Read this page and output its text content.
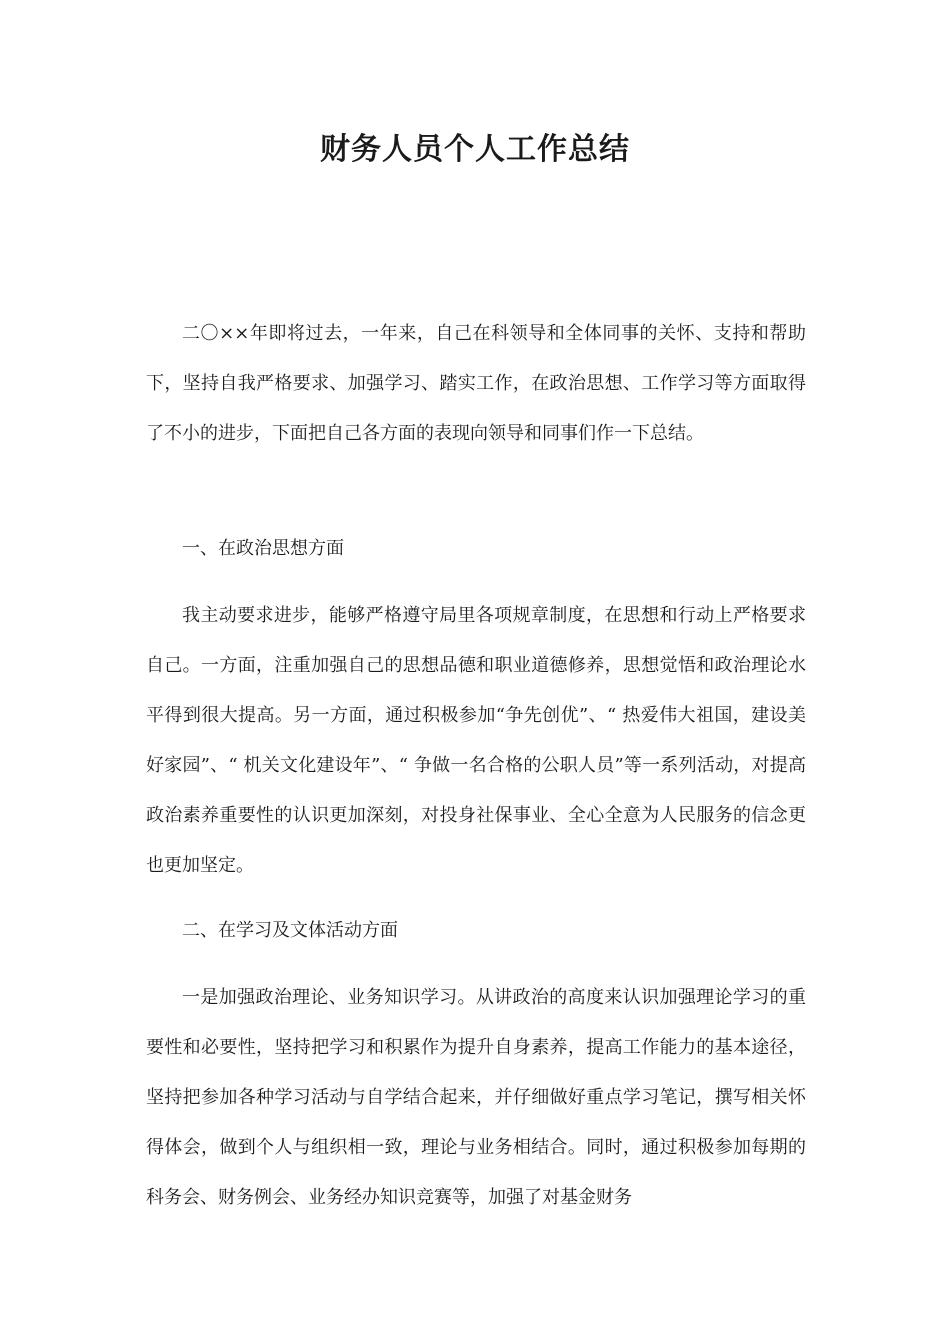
财务人员个人工作总结

二〇××年即将过去，一年来，自己在科领导和全体同事的关怀、支持和帮助下，坚持自我严格要求、加强学习、踏实工作，在政治思想、工作学习等方面取得了不小的进步，下面把自己各方面的表现向领导和同事们作一下总结。

一、在政治思想方面

我主动要求进步，能够严格遵守局里各项规章制度，在思想和行动上严格要求自己。一方面，注重加强自己的思想品德和职业道德修养，思想觉悟和政治理论水平得到很大提高。另一方面，通过积极参加“争先创优”、“ 热爱伟大祖国，建设美好家园”、“ 机关文化建设年”、“ 争做一名合格的公职人员”等一系列活动，对提高政治素养重要性的认识更加深刻，对投身社保事业、全心全意为人民服务的信念更也更加坚定。

二、在学习及文体活动方面

一是加强政治理论、业务知识学习。从讲政治的高度来认识加强理论学习的重要性和必要性，坚持把学习和积累作为提升自身素养，提高工作能力的基本途径，坚持把参加各种学习活动与自学结合起来，并仔细做好重点学习笔记，撰写相关怀得体会，做到个人与组织相一致，理论与业务相结合。同时，通过积极参加每期的科务会、财务例会、业务经办知识竞赛等，加强了对基金财务
